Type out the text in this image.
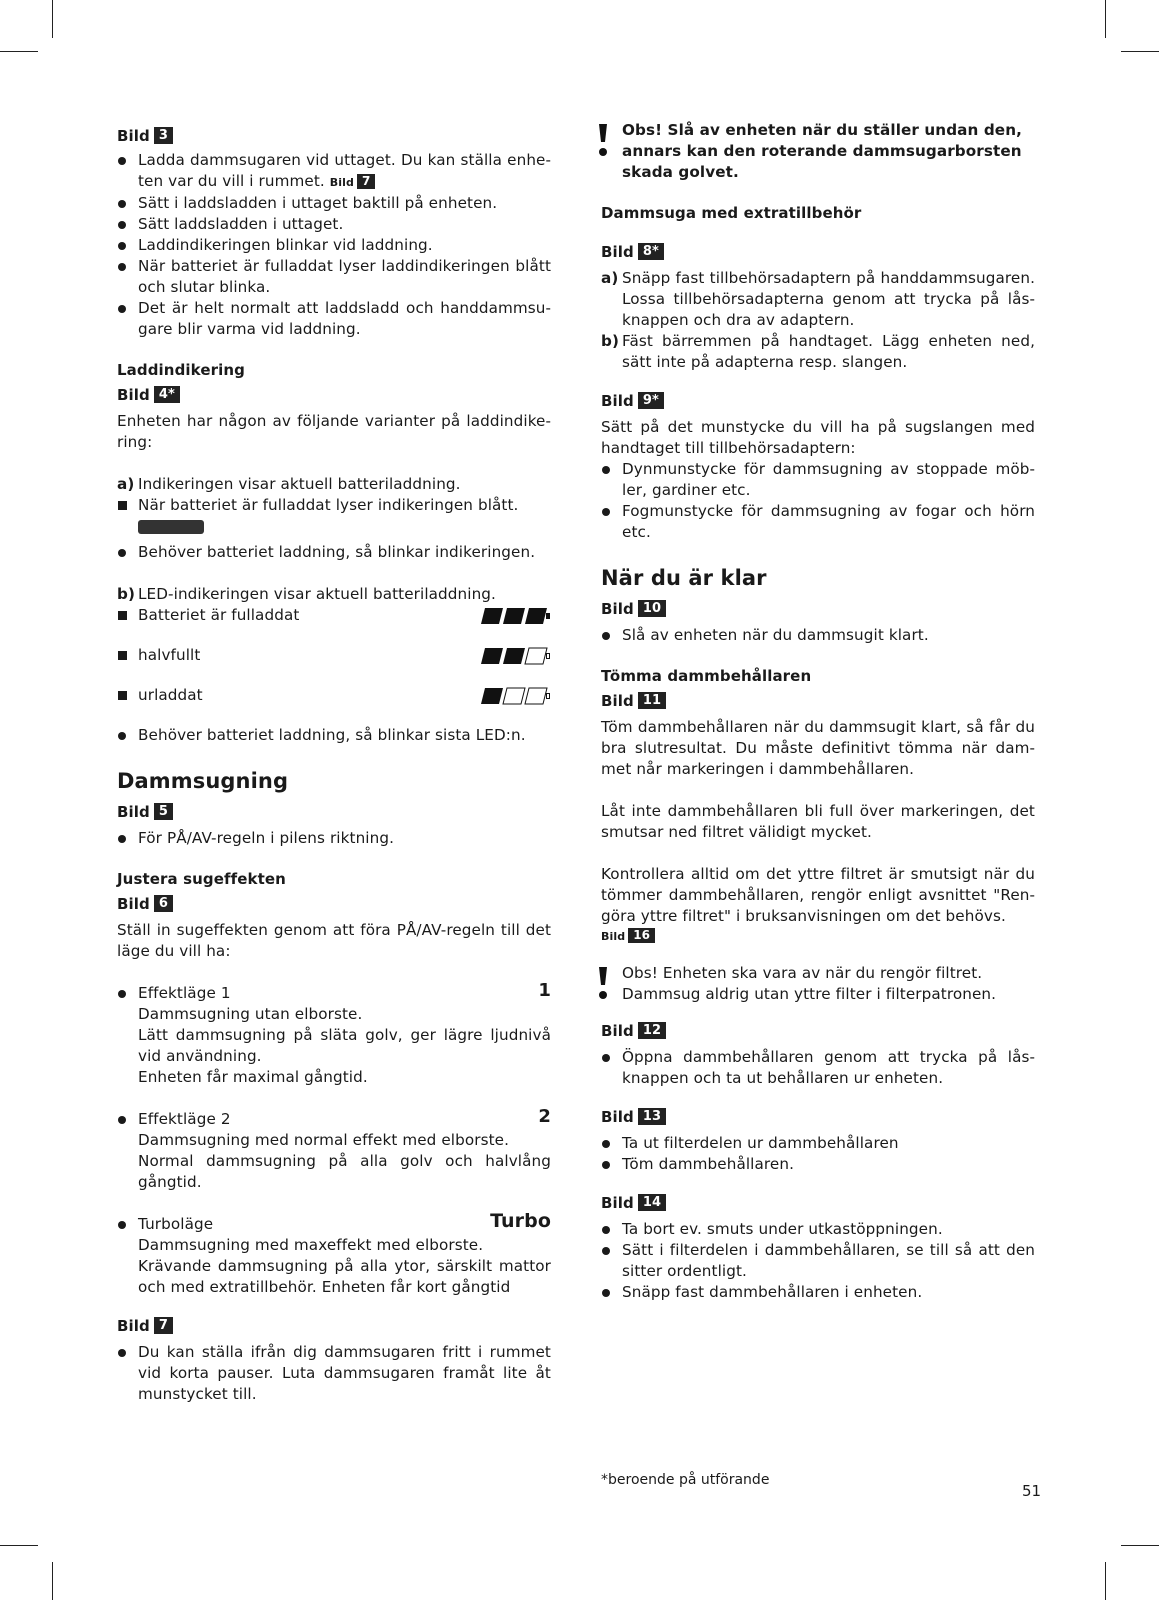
Bild 3
Ladda dammsugaren vid uttaget. Du kan ställa enheten var du vill i rummet. Bild 7
Sätt i laddsladden i uttaget baktill på enheten.
Sätt laddsladden i uttaget.
Laddindikeringen blinkar vid laddning.
När batteriet är fulladdat lyser laddindikeringen blått och slutar blinka.
Det är helt normalt att laddsladd och handdammsugare blir varma vid laddning.
Laddindikering
Bild 4*

Enheten har någon av följande varianter på laddindikering:

a) Indikeringen visar aktuell batteriladdning.
När batteriet är fulladdat lyser indikeringen blått.
Behöver batteriet laddning, så blinkar indikeringen.
b) LED-indikeringen visar aktuell batteriladdning.
Batteriet är fulladdat
halvfullt
urladdat
Behöver batteriet laddning, så blinkar sista LED:n.
Dammsugning
Bild 5
För PÅ/AV-regeln i pilens riktning.
Justera sugeffekten
Bild 6

Ställ in sugeffekten genom att föra PÅ/AV-regeln till det läge du vill ha:

Effektläge 1	1
Dammsugning utan elborste.
Lätt dammsugning på släta golv, ger lägre ljudnivå vid användning.
Enheten får maximal gångtid.
Effektläge 2	2
Dammsugning med normal effekt med elborste.
Normal dammsugning på alla golv och halvlång gångtid.
Turboläge	Turbo
Dammsugning med maxeffekt med elborste.
Krävande dammsugning på alla ytor, särskilt mattor och med extratillbehör. Enheten får kort gångtid
Bild 7
Du kan ställa ifrån dig dammsugaren fritt i rummet vid korta pauser. Luta dammsugaren framåt lite åt munstycket till.
Obs! Slå av enheten när du ställer undan den, annars kan den roterande dammsugarborsten skada golvet.
Dammsuga med extratillbehör
Bild 8*
a) Snäpp fast tillbehörsadaptern på handdammsugaren. Lossa tillbehörsadapterna genom att trycka på låsknappen och dra av adaptern.
b) Fäst bärremmen på handtaget. Lägg enheten ned, sätt inte på adapterna resp. slangen.
Bild 9*

Sätt på det munstycke du vill ha på sugslangen med handtaget till tillbehörsadaptern:

Dynmunstycke för dammsugning av stoppade möbler, gardiner etc.
Fogmunstycke för dammsugning av fogar och hörn etc.
När du är klar
Bild 10
Slå av enheten när du dammsugit klart.
Tömma dammbehållaren
Bild 11

Töm dammbehållaren när du dammsugit klart, så får du bra slutresultat. Du måste definitivt tömma när dammet når markeringen i dammbehållaren.

Låt inte dammbehållaren bli full över markeringen, det smutsar ned filtret välidigt mycket.

Kontrollera alltid om det yttre filtret är smutsigt när du tömmer dammbehållaren, rengör enligt avsnittet "Rengöra yttre filtret" i bruksanvisningen om det behövs.

Bild 16
Obs! Enheten ska vara av när du rengör filtret.
Dammsug aldrig utan yttre filter i filterpatronen.
Bild 12
Öppna dammbehållaren genom att trycka på låsknappen och ta ut behållaren ur enheten.
Bild 13
Ta ut filterdelen ur dammbehållaren
Töm dammbehållaren.
Bild 14
Ta bort ev. smuts under utkastöppningen.
Sätt i filterdelen i dammbehållaren, se till så att den sitter ordentligt.
Snäpp fast dammbehållaren i enheten.
*beroende på utförande
51
